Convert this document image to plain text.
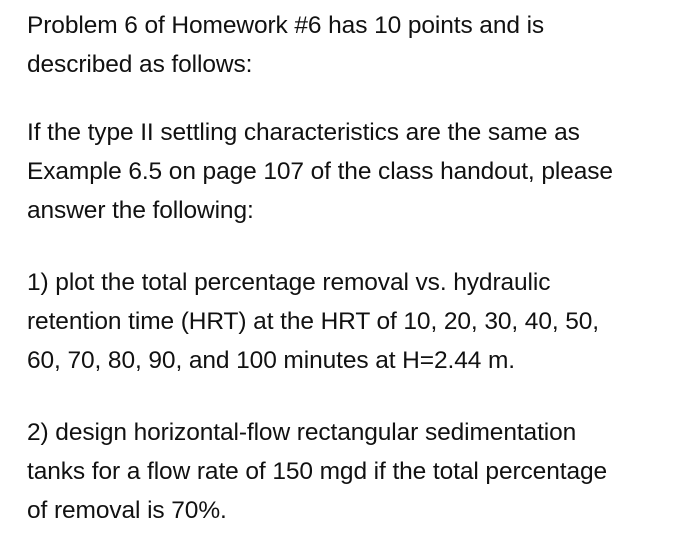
Problem 6 of Homework #6 has 10 points and is
described as follows:

If the type II settling characteristics are the same as
Example 6.5 on page 107 of the class handout, please
answer the following:

1) plot the total percentage removal vs. hydraulic
retention time (HRT) at the HRT of 10, 20, 30, 40, 50,
60, 70, 80, 90, and 100 minutes at H=2.44 m.

2) design horizontal-flow rectangular sedimentation
tanks for a flow rate of 150 mgd if the total percentage
of removal is 70%.
